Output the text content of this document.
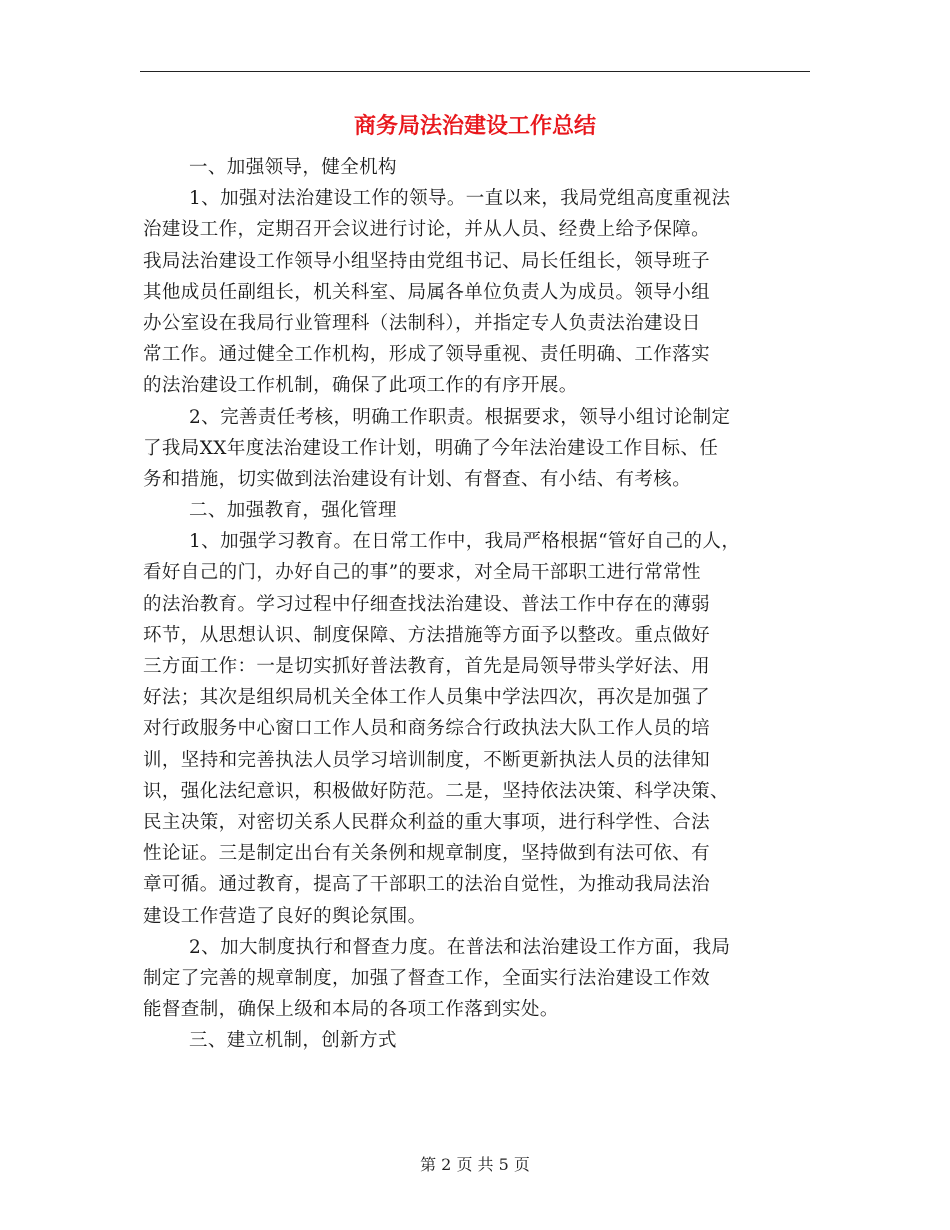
商务局法治建设工作总结
一、加强领导，健全机构
1、加强对法治建设工作的领导。一直以来，我局党组高度重视法
治建设工作，定期召开会议进行讨论，并从人员、经费上给予保障。
我局法治建设工作领导小组坚持由党组书记、局长任组长，领导班子
其他成员任副组长，机关科室、局属各单位负责人为成员。领导小组
办公室设在我局行业管理科（法制科），并指定专人负责法治建设日
常工作。通过健全工作机构，形成了领导重视、责任明确、工作落实
的法治建设工作机制，确保了此项工作的有序开展。
2、完善责任考核，明确工作职责。根据要求，领导小组讨论制定
了我局XX年度法治建设工作计划，明确了今年法治建设工作目标、任
务和措施，切实做到法治建设有计划、有督查、有小结、有考核。
二、加强教育，强化管理
1、加强学习教育。在日常工作中，我局严格根据“管好自己的人，
看好自己的门，办好自己的事”的要求，对全局干部职工进行常常性
的法治教育。学习过程中仔细查找法治建设、普法工作中存在的薄弱
环节，从思想认识、制度保障、方法措施等方面予以整改。重点做好
三方面工作：一是切实抓好普法教育，首先是局领导带头学好法、用
好法；其次是组织局机关全体工作人员集中学法四次，再次是加强了
对行政服务中心窗口工作人员和商务综合行政执法大队工作人员的培
训，坚持和完善执法人员学习培训制度，不断更新执法人员的法律知
识，强化法纪意识，积极做好防范。二是，坚持依法决策、科学决策、
民主决策，对密切关系人民群众利益的重大事项，进行科学性、合法
性论证。三是制定出台有关条例和规章制度，坚持做到有法可依、有
章可循。通过教育，提高了干部职工的法治自觉性，为推动我局法治
建设工作营造了良好的舆论氛围。
2、加大制度执行和督查力度。在普法和法治建设工作方面，我局
制定了完善的规章制度，加强了督查工作，全面实行法治建设工作效
能督查制，确保上级和本局的各项工作落到实处。
三、建立机制，创新方式
第 2 页 共 5 页
